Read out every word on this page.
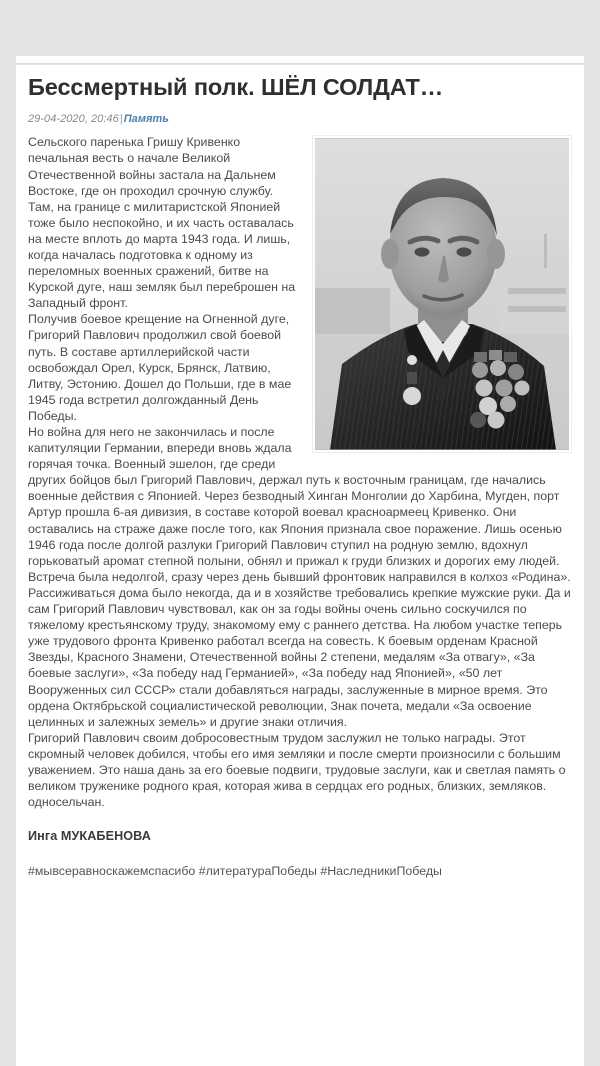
Бессмертный полк. ШЁЛ СОЛДАТ…
29-04-2020, 20:46|Память

Сельского паренька Гришу Кривенко печальная весть о начале Великой Отечественной войны застала на Дальнем Востоке, где он проходил срочную службу. Там, на границе с милитаристской Японией тоже было неспокойно, и их часть оставалась на месте вплоть до марта 1943 года. И лишь, когда началась подготовка к одному из переломных военных сражений, битве на Курской дуге, наш земляк был переброшен на Западный фронт.

Получив боевое крещение на Огненной дуге, Григорий Павлович продолжил свой боевой путь. В составе артиллерийской части освобождал Орел, Курск, Брянск, Латвию, Литву, Эстонию. Дошел до Польши, где в мае 1945 года встретил долгожданный День Победы.

Но война для него не закончилась и после капитуляции Германии, впереди вновь ждала горячая точка. Военный эшелон, где среди других бойцов был Григорий Павлович, держал путь к восточным границам, где начались военные действия с Японией. Через безводный Хинган Монголии до Харбина, Мугден, порт Артур прошла 6-ая дивизия, в составе которой воевал красноармеец Кривенко. Они оставались на страже даже после того, как Япония признала свое поражение. Лишь осенью 1946 года после долгой разлуки Григорий Павлович ступил на родную землю, вдохнул горьковатый аромат степной полыни, обнял и прижал к груди близких и дорогих ему людей.

Встреча была недолгой, сразу через день бывший фронтовик направился в колхоз «Родина». Рассиживаться дома было некогда, да и в хозяйстве требовались крепкие мужские руки. Да и сам Григорий Павлович чувствовал, как он за годы войны очень сильно соскучился по тяжелому крестьянскому труду, знакомому ему с раннего детства. На любом участке теперь уже трудового фронта Кривенко работал всегда на совесть. К боевым орденам Красной Звезды, Красного Знамени, Отечественной войны 2 степени, медалям «За отвагу», «За боевые заслуги», «За победу над Германией», «За победу над Японией», «50 лет Вооруженных сил СССР» стали добавляться награды, заслуженные в мирное время. Это ордена Октябрьской социалистической революции, Знак почета, медали «За освоение целинных и залежных земель» и другие знаки отличия.

Григорий Павлович своим добросовестным трудом заслужил не только награды. Этот скромный человек добился, чтобы его имя земляки и после смерти произносили с большим уважением. Это наша дань за его боевые подвиги, трудовые заслуги, как и светлая память о великом труженике родного края, которая жива в сердцах его родных, близких, земляков. односельчан.

Инга МУКАБЕНОВА
#мывсеравноскажемспасибо #литератураПобеды #НаследникиПобеды
